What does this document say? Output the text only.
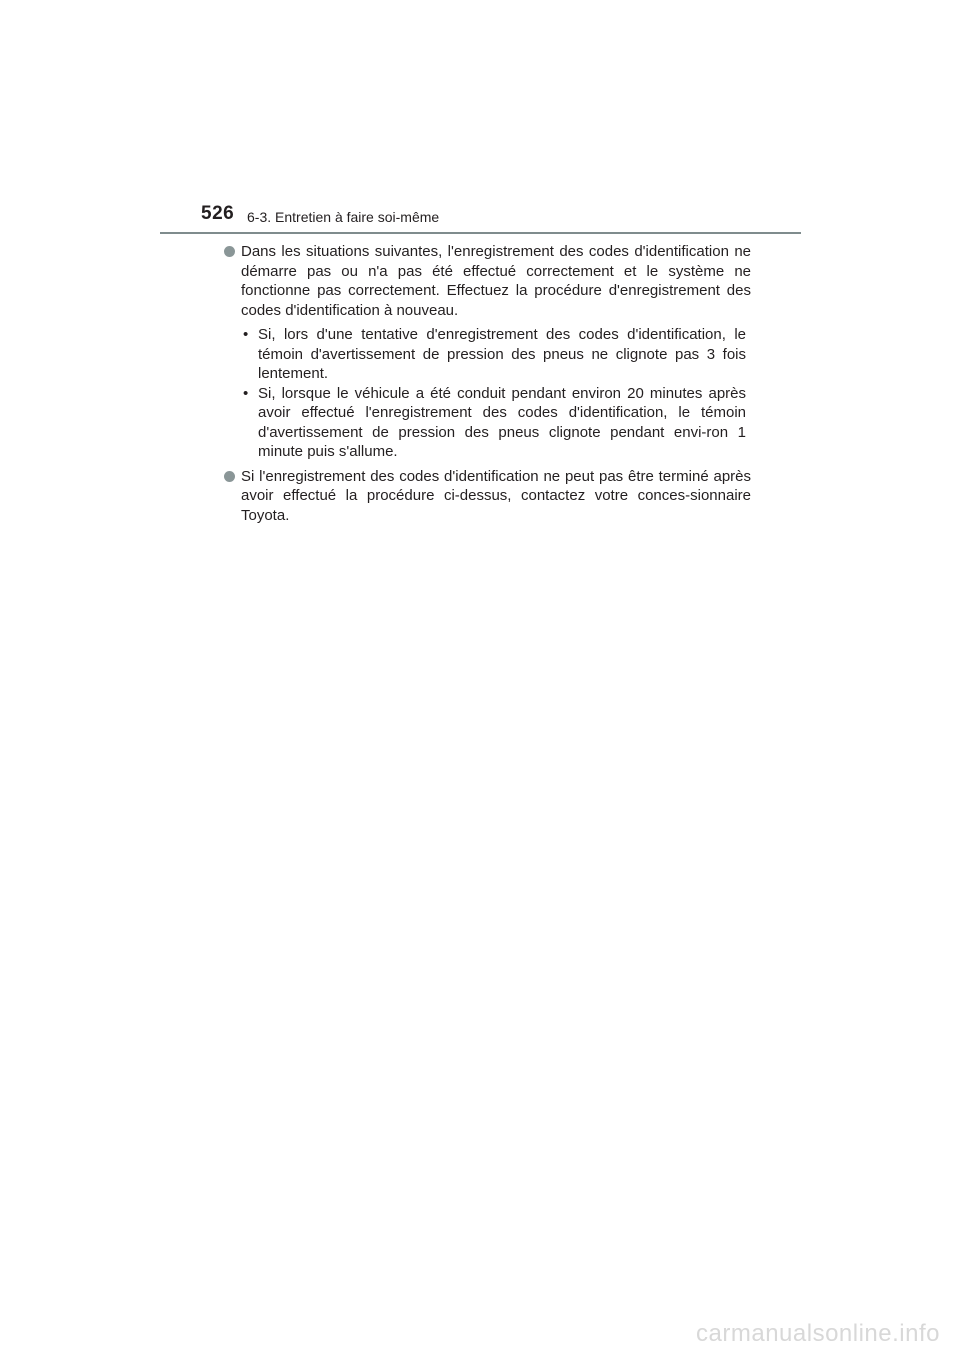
526 6-3. Entretien à faire soi-même
Dans les situations suivantes, l'enregistrement des codes d'identification ne démarre pas ou n'a pas été effectué correctement et le système ne fonctionne pas correctement. Effectuez la procédure d'enregistrement des codes d'identification à nouveau.
• Si, lors d'une tentative d'enregistrement des codes d'identification, le témoin d'avertissement de pression des pneus ne clignote pas 3 fois lentement.
• Si, lorsque le véhicule a été conduit pendant environ 20 minutes après avoir effectué l'enregistrement des codes d'identification, le témoin d'avertissement de pression des pneus clignote pendant envi-ron 1 minute puis s'allume.
Si l'enregistrement des codes d'identification ne peut pas être terminé après avoir effectué la procédure ci-dessus, contactez votre conces-sionnaire Toyota.
carmanualsonline.info
